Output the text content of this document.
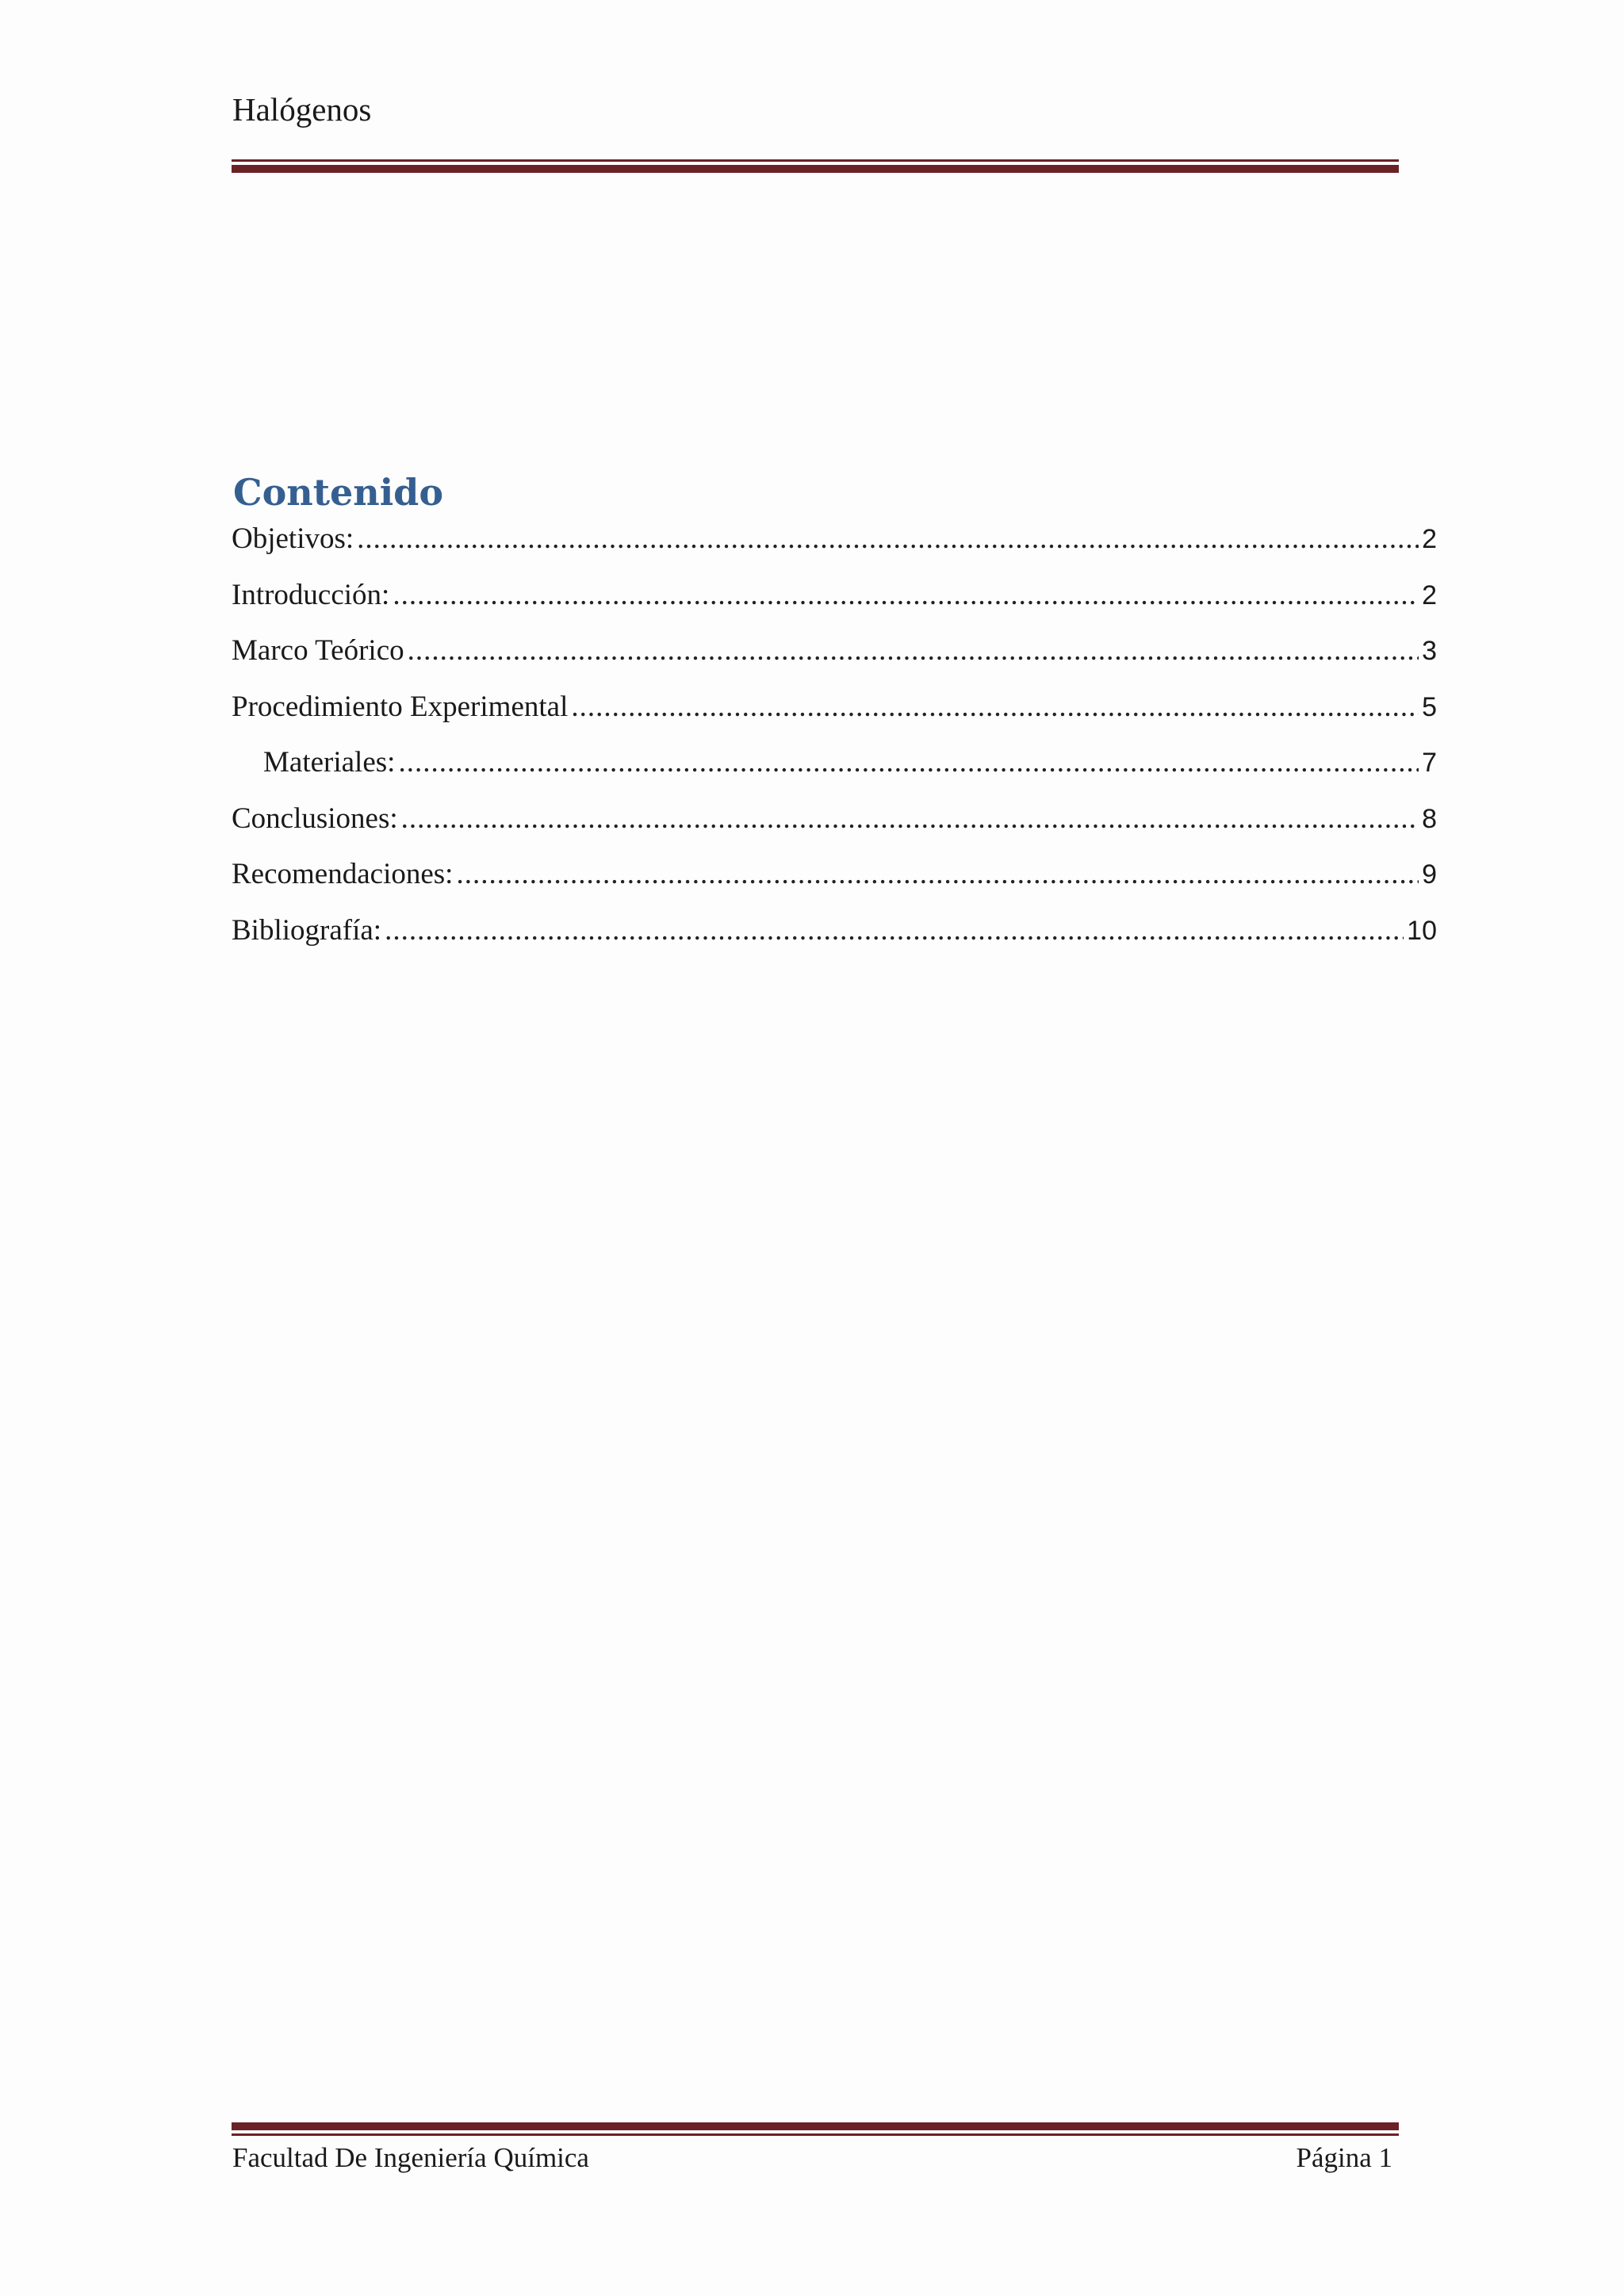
Halógenos

Contenido
Objetivos: .....	2
Introducción: .....	2
Marco Teórico .....	3
Procedimiento Experimental .....	5
Materiales: .....	7
Conclusiones: .....	8
Recomendaciones: .....	9
Bibliografía: .....	10
Facultad De Ingeniería Química	Página 1
